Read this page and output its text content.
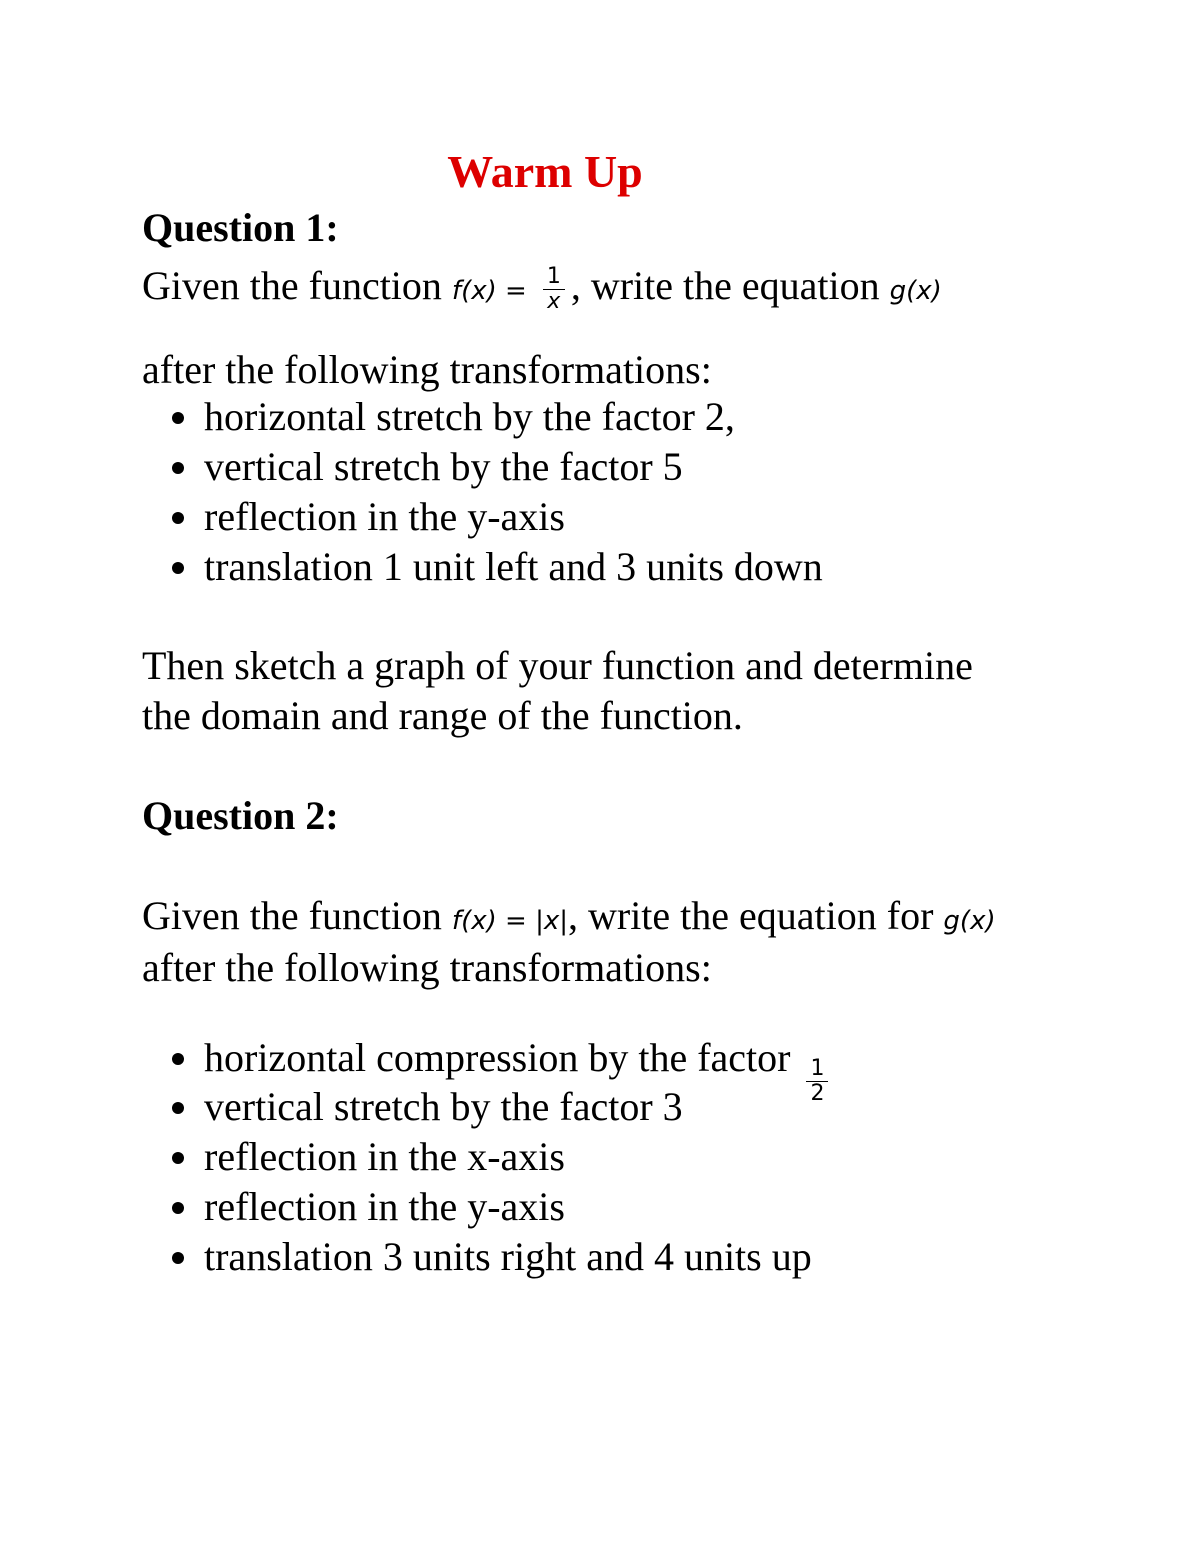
Warm Up
Question 1:
Given the function $f(x) = \frac{1}{x}$ , write the equation g(x)
after the following transformations:
horizontal stretch by the factor 2,
vertical stretch by the factor 5
reflection in the y-axis
translation 1 unit left and 3 units down
Then sketch a graph of your function and determine
the domain and range of the function.
Question 2:
Given the function f(x) = |x|, write the equation for g(x)
after the following transformations:
horizontal compression by the factor $\frac{1}{2}$
vertical stretch by the factor 3
reflection in the x-axis
reflection in the y-axis
translation 3 units right and 4 units up
